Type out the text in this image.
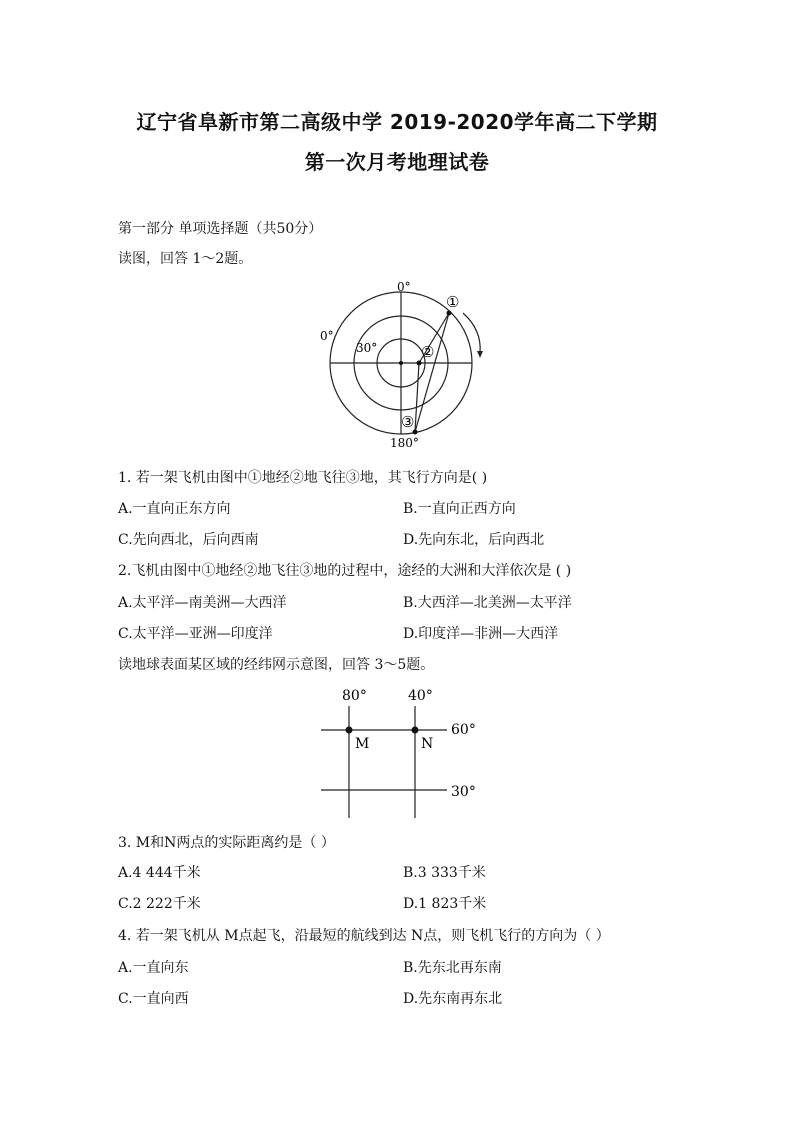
辽宁省阜新市第二高级中学 2019-2020学年高二下学期
第一次月考地理试卷
第一部分 单项选择题（共50分）
读图，回答 1～2题。
0°
0°
30°
180°
①
②
③
1. 若一架飞机由图中①地经②地飞往③地，其飞行方向是( )
A.一直向正东方向	B.一直向正西方向
C.先向西北，后向西南	D.先向东北，后向西北
2.飞机由图中①地经②地飞往③地的过程中，途经的大洲和大洋依次是 ( )
A.太平洋—南美洲—大西洋	B.大西洋—北美洲—太平洋
C.太平洋—亚洲—印度洋	D.印度洋—非洲—大西洋
读地球表面某区域的经纬网示意图，回答 3～5题。
80°	40°
60°
30°
M	N
3. M和N两点的实际距离约是（ ）
A.4 444千米	B.3 333千米
C.2 222千米	D.1 823千米
4. 若一架飞机从 M点起飞，沿最短的航线到达 N点，则飞机飞行的方向为（ ）
A.一直向东	B.先东北再东南
C.一直向西	D.先东南再东北
